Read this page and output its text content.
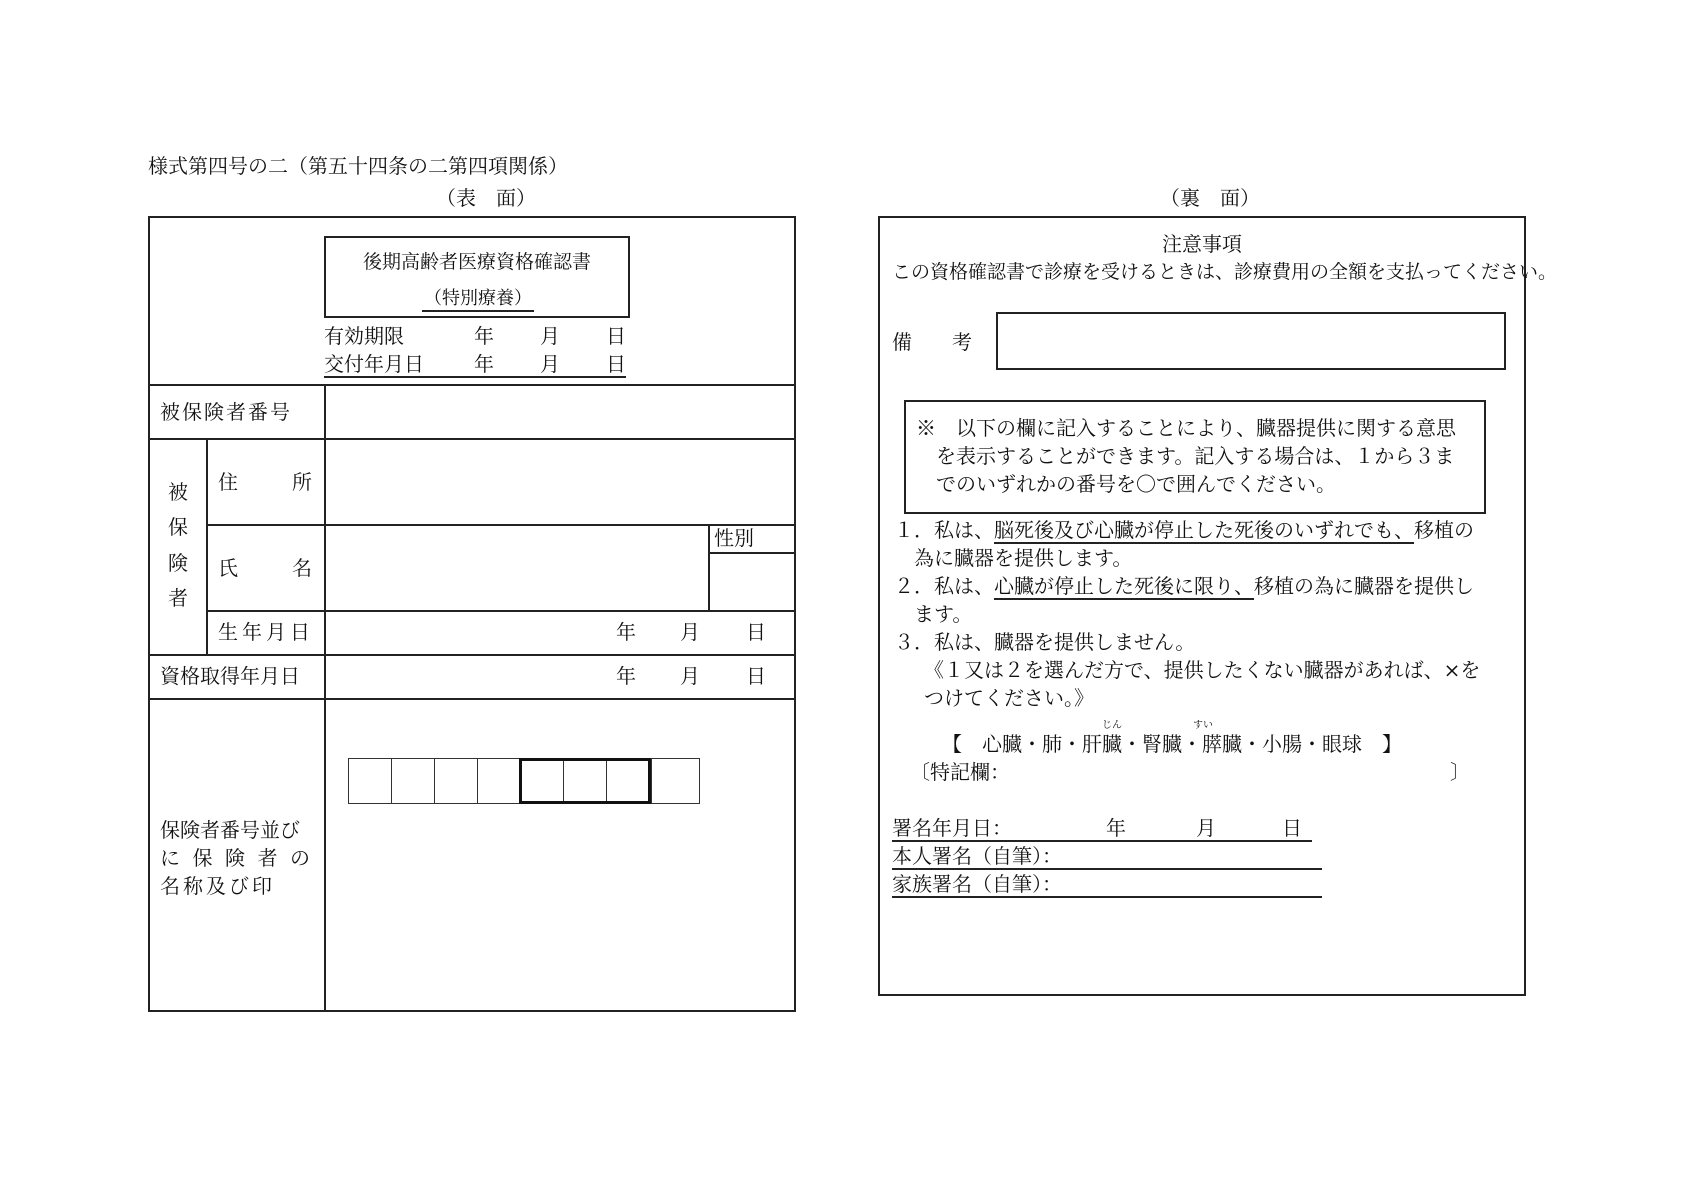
様式第四号の二（第五十四条の二第四項関係）
（表　面）	（裏　面）
後期高齢者医療資格確認書
（特別療養）
有効期限	年 月 日
交付年月日	年 月 日
被保険者番号
性別
被
保
険
者
住	所
氏	名
生年月日	年 月 日
資格取得年月日	年 月 日
保険者番号並び
に 保 険 者 の
名称及び印
注意事項
この資格確認書で診療を受けるときは、診療費用の全額を支払ってください。
備　考
※　以下の欄に記入することにより、臓器提供に関する意思
を表示することができます。記入する場合は、１から３ま
でのいずれかの番号を〇で囲んでください。
１．私は、脳死後及び心臓が停止した死後のいずれでも、移植の
為に臓器を提供します。
２．私は、心臓が停止した死後に限り、移植の為に臓器を提供し
ます。
３．私は、臓器を提供しません。
《１又は２を選んだ方で、提供したくない臓器があれば、×を
つけてください。》
じん	すい
【　心臓・肺・肝臓・腎臓・膵臓・小腸・眼球　】
〔特記欄：	〕
署名年月日：	年	月	日
本人署名（自筆）：
家族署名（自筆）：
